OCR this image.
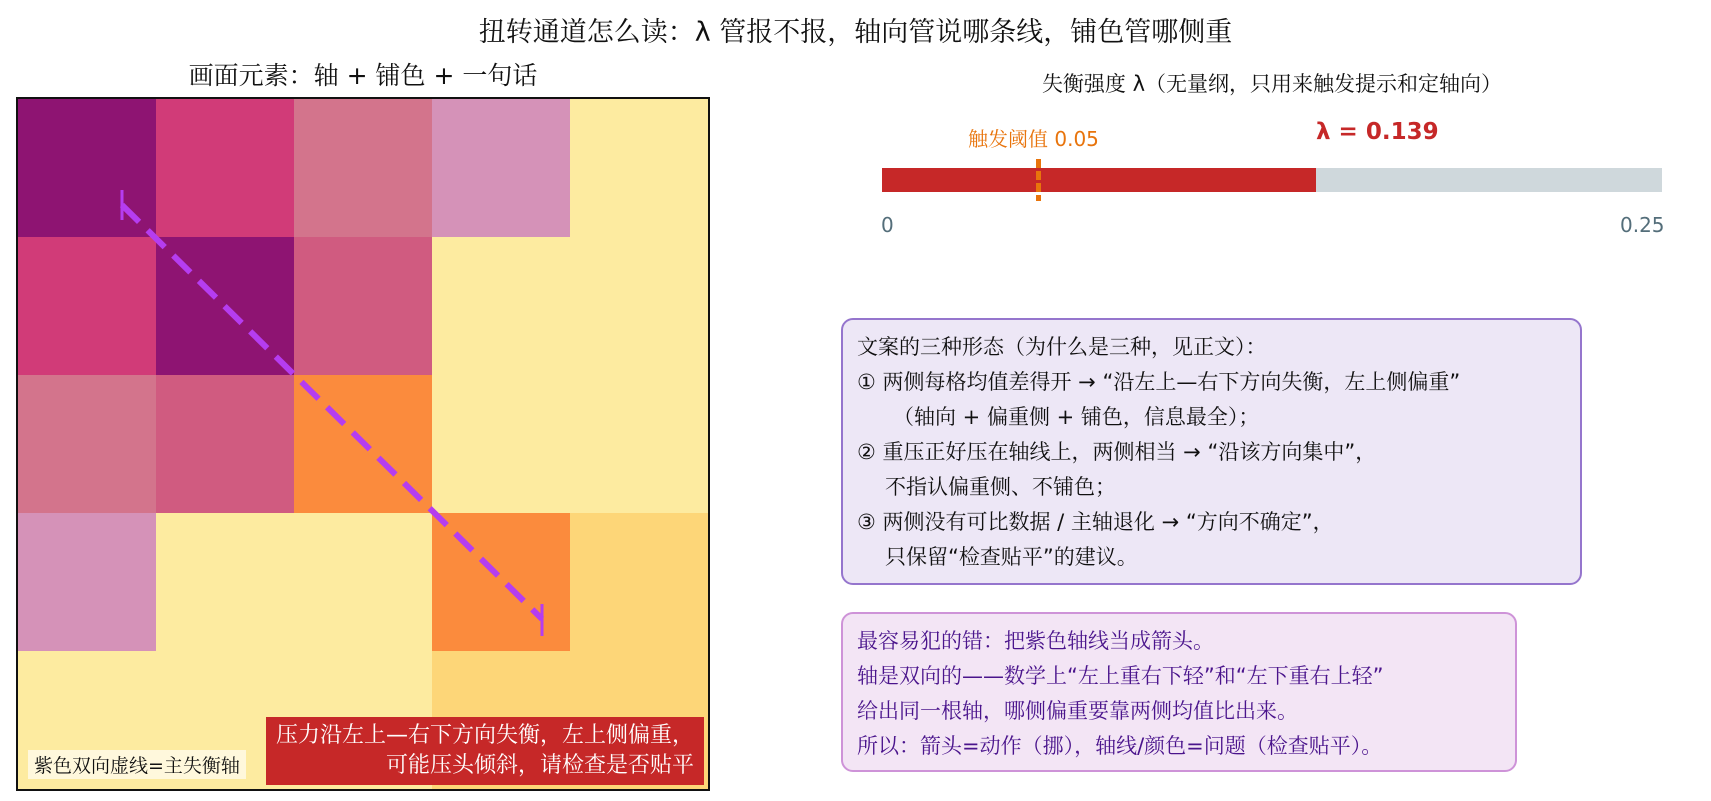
扭转通道怎么读：λ 管报不报，轴向管说哪条线，铺色管哪侧重
画面元素：轴 + 铺色 + 一句话
紫色双向虚线=主失衡轴
压力沿左上—右下方向失衡，左上侧偏重，
可能压头倾斜，请检查是否贴平
失衡强度 λ（无量纲，只用来触发提示和定轴向）
触发阈值 0.05	λ = 0.139
0	0.25
文案的三种形态（为什么是三种，见正文）：
① 两侧每格均值差得开 → “沿左上—右下方向失衡，左上侧偏重”
（轴向 + 偏重侧 + 铺色，信息最全）；
② 重压正好压在轴线上，两侧相当 → “沿该方向集中”，
不指认偏重侧、不铺色；
③ 两侧没有可比数据 / 主轴退化 → “方向不确定”，
只保留“检查贴平”的建议。
最容易犯的错：把紫色轴线当成箭头。
轴是双向的——数学上“左上重右下轻”和“左下重右上轻”
给出同一根轴，哪侧偏重要靠两侧均值比出来。
所以：箭头=动作（挪），轴线/颜色=问题（检查贴平）。
